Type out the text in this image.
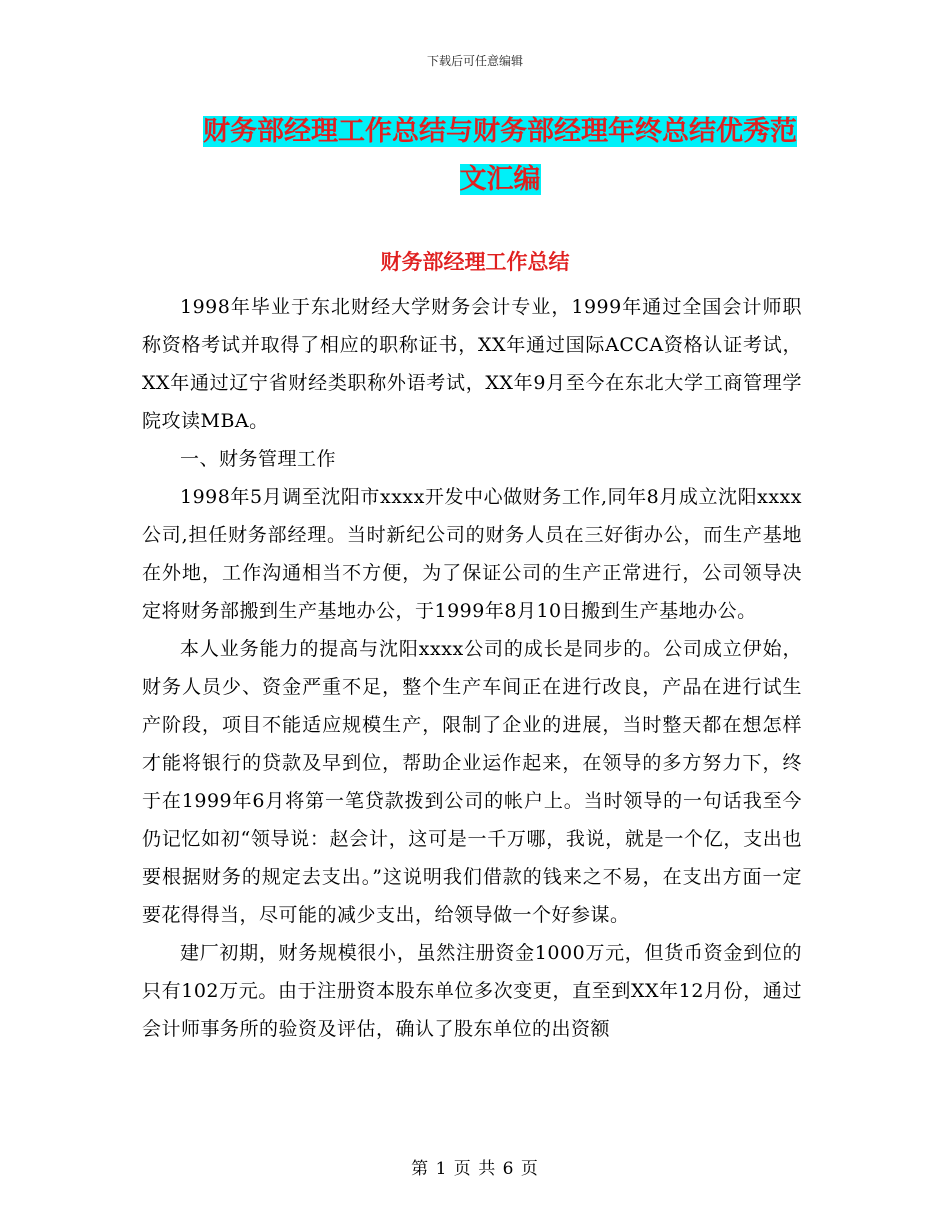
下载后可任意编辑
财务部经理工作总结与财务部经理年终总结优秀范文汇编
财务部经理工作总结

1998年毕业于东北财经大学财务会计专业，1999年通过全国会计师职称资格考试并取得了相应的职称证书，XX年通过国际ACCA资格认证考试，XX年通过辽宁省财经类职称外语考试，XX年9月至今在东北大学工商管理学院攻读MBA。

一、财务管理工作

1998年5月调至沈阳市xxxx开发中心做财务工作,同年8月成立沈阳xxxx公司,担任财务部经理。当时新纪公司的财务人员在三好街办公，而生产基地在外地，工作沟通相当不方便，为了保证公司的生产正常进行，公司领导决定将财务部搬到生产基地办公，于1999年8月10日搬到生产基地办公。

本人业务能力的提高与沈阳xxxx公司的成长是同步的。公司成立伊始，财务人员少、资金严重不足，整个生产车间正在进行改良，产品在进行试生产阶段，项目不能适应规模生产，限制了企业的进展，当时整天都在想怎样才能将银行的贷款及早到位，帮助企业运作起来，在领导的多方努力下，终于在1999年6月将第一笔贷款拨到公司的帐户上。当时领导的一句话我至今仍记忆如初“领导说：赵会计，这可是一千万哪，我说，就是一个亿，支出也要根据财务的规定去支出。”这说明我们借款的钱来之不易，在支出方面一定要花得得当，尽可能的减少支出，给领导做一个好参谋。

建厂初期，财务规模很小，虽然注册资金1000万元，但货币资金到位的只有102万元。由于注册资本股东单位多次变更，直至到XX年12月份，通过会计师事务所的验资及评估，确认了股东单位的出资额

第 1 页 共 6 页
